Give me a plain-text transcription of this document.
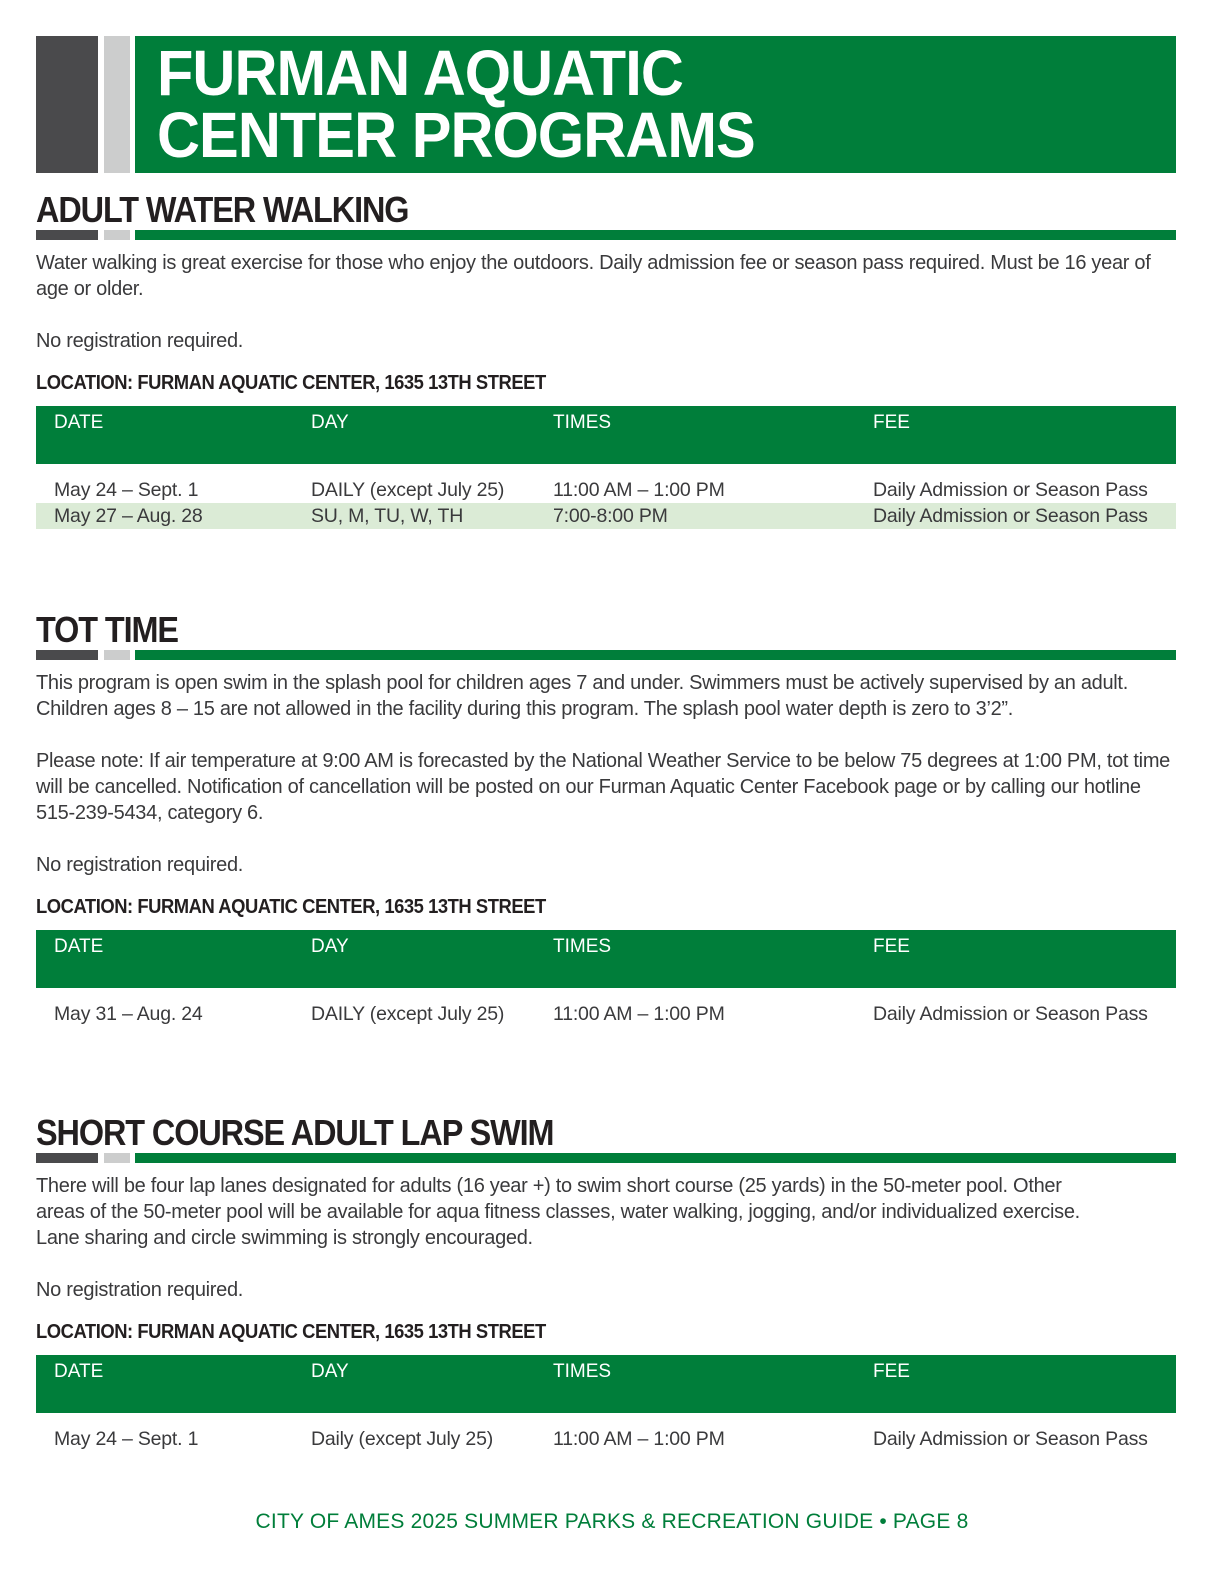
FURMAN AQUATIC
CENTER PROGRAMS
ADULT WATER WALKING

Water walking is great exercise for those who enjoy the outdoors. Daily admission fee or season pass required. Must be 16 year of age or older.

No registration required.

LOCATION: FURMAN AQUATIC CENTER, 1635 13TH STREET

DATE	DAY	TIMES	FEE
May 24 – Sept. 1	DAILY (except July 25)	11:00 AM – 1:00 PM	Daily Admission or Season Pass
May 27 – Aug. 28	SU, M, TU, W, TH	7:00-8:00 PM	Daily Admission or Season Pass
TOT TIME

This program is open swim in the splash pool for children ages 7 and under. Swimmers must be actively supervised by an adult. Children ages 8 – 15 are not allowed in the facility during this program. The splash pool water depth is zero to 3’2”.

Please note: If air temperature at 9:00 AM is forecasted by the National Weather Service to be below 75 degrees at 1:00 PM, tot time will be cancelled. Notification of cancellation will be posted on our Furman Aquatic Center Facebook page or by calling our hotline 515-239-5434, category 6.

No registration required.

LOCATION: FURMAN AQUATIC CENTER, 1635 13TH STREET

DATE	DAY	TIMES	FEE
May 31 – Aug. 24	DAILY (except July 25)	11:00 AM – 1:00 PM	Daily Admission or Season Pass
SHORT COURSE ADULT LAP SWIM

There will be four lap lanes designated for adults (16 year +) to swim short course (25 yards) in the 50-meter pool. Other areas of the 50-meter pool will be available for aqua fitness classes, water walking, jogging, and/or individualized exercise. Lane sharing and circle swimming is strongly encouraged.

No registration required.

LOCATION: FURMAN AQUATIC CENTER, 1635 13TH STREET

DATE	DAY	TIMES	FEE
May 24 – Sept. 1	Daily (except July 25)	11:00 AM – 1:00 PM	Daily Admission or Season Pass
CITY OF AMES 2025 SUMMER PARKS & RECREATION GUIDE • PAGE 8
